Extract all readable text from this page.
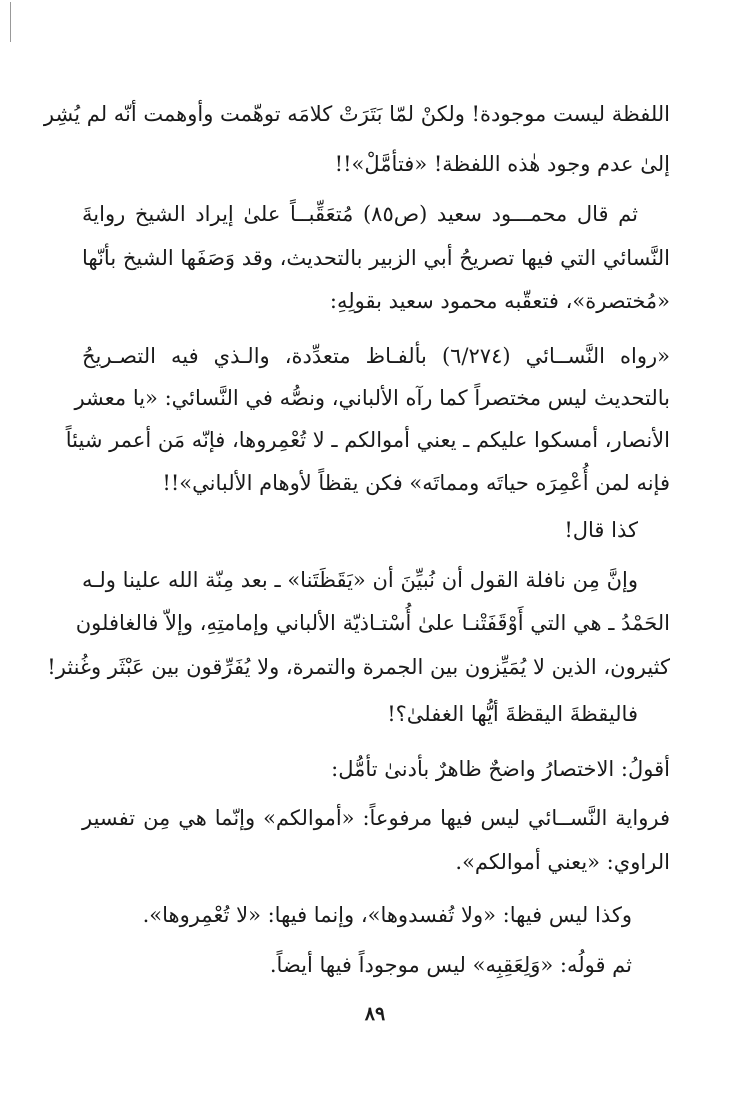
اللفظة ليست موجودة! ولكنْ لمّا بَتَرَتْ كلامَه توهّمت وأوهمت أنّه لم يُشِر
إلىٰ عدم وجود هٰذه اللفظة! «فتأمَّلْ»!!
ثم قال محمـــود سعيد (ص٨٥) مُتعَقِّبــاً علىٰ إيراد الشيخ روايةَ
النَّسائي التي فيها تصريحُ أبي الزبير بالتحديث، وقد وَصَفَها الشيخ بأنّها
«مُختصرة»، فتعقّبه محمود سعيد بقولِهِ:
«رواه النَّســائي (٦/٢٧٤) بألفـاظ متعدِّدة، والـذي فيه التصـريحُ
بالتحديث ليس مختصراً كما رآه الألباني، ونصُّه في النَّسائي: «يا معشر
الأنصار، أمسكوا عليكم ـ يعني أموالكم ـ لا تُعْمِروها، فإنّه مَن أعمر شيئاً
فإنه لمن أُعْمِرَه حياتَه ومماتَه» فكن يقظاً لأوهام الألباني»!!
كذا قال!
وإنَّ مِن نافلة القول أن نُبيِّنَ أن «يَقَظَتَنا» ـ بعد مِنّة الله علينا ولـه
الحَمْدُ ـ هي التي أَوْقَفَتْنـا علىٰ أُسْتـاذيّة الألباني وإمامتِهِ، وإلاّ فالغافلون
كثيرون، الذين لا يُمَيِّزون بين الجمرة والتمرة، ولا يُفَرِّقون بين عَبْثَر وغُنثر!
فاليقظةَ اليقظةَ أيُّها الغفلىٰ؟!
أقولُ: الاختصارُ واضحٌ ظاهرٌ بأدنىٰ تأمُّل:
فرواية النَّســائي ليس فيها مرفوعاً: «أموالكم» وإنّما هي مِن تفسير
الراوي: «يعني أموالكم».
وكذا ليس فيها: «ولا تُفسدوها»، وإنما فيها: «لا تُعْمِروها».
ثم قولُه: «وَلِعَقِبِه» ليس موجوداً فيها أيضاً.
٨٩
